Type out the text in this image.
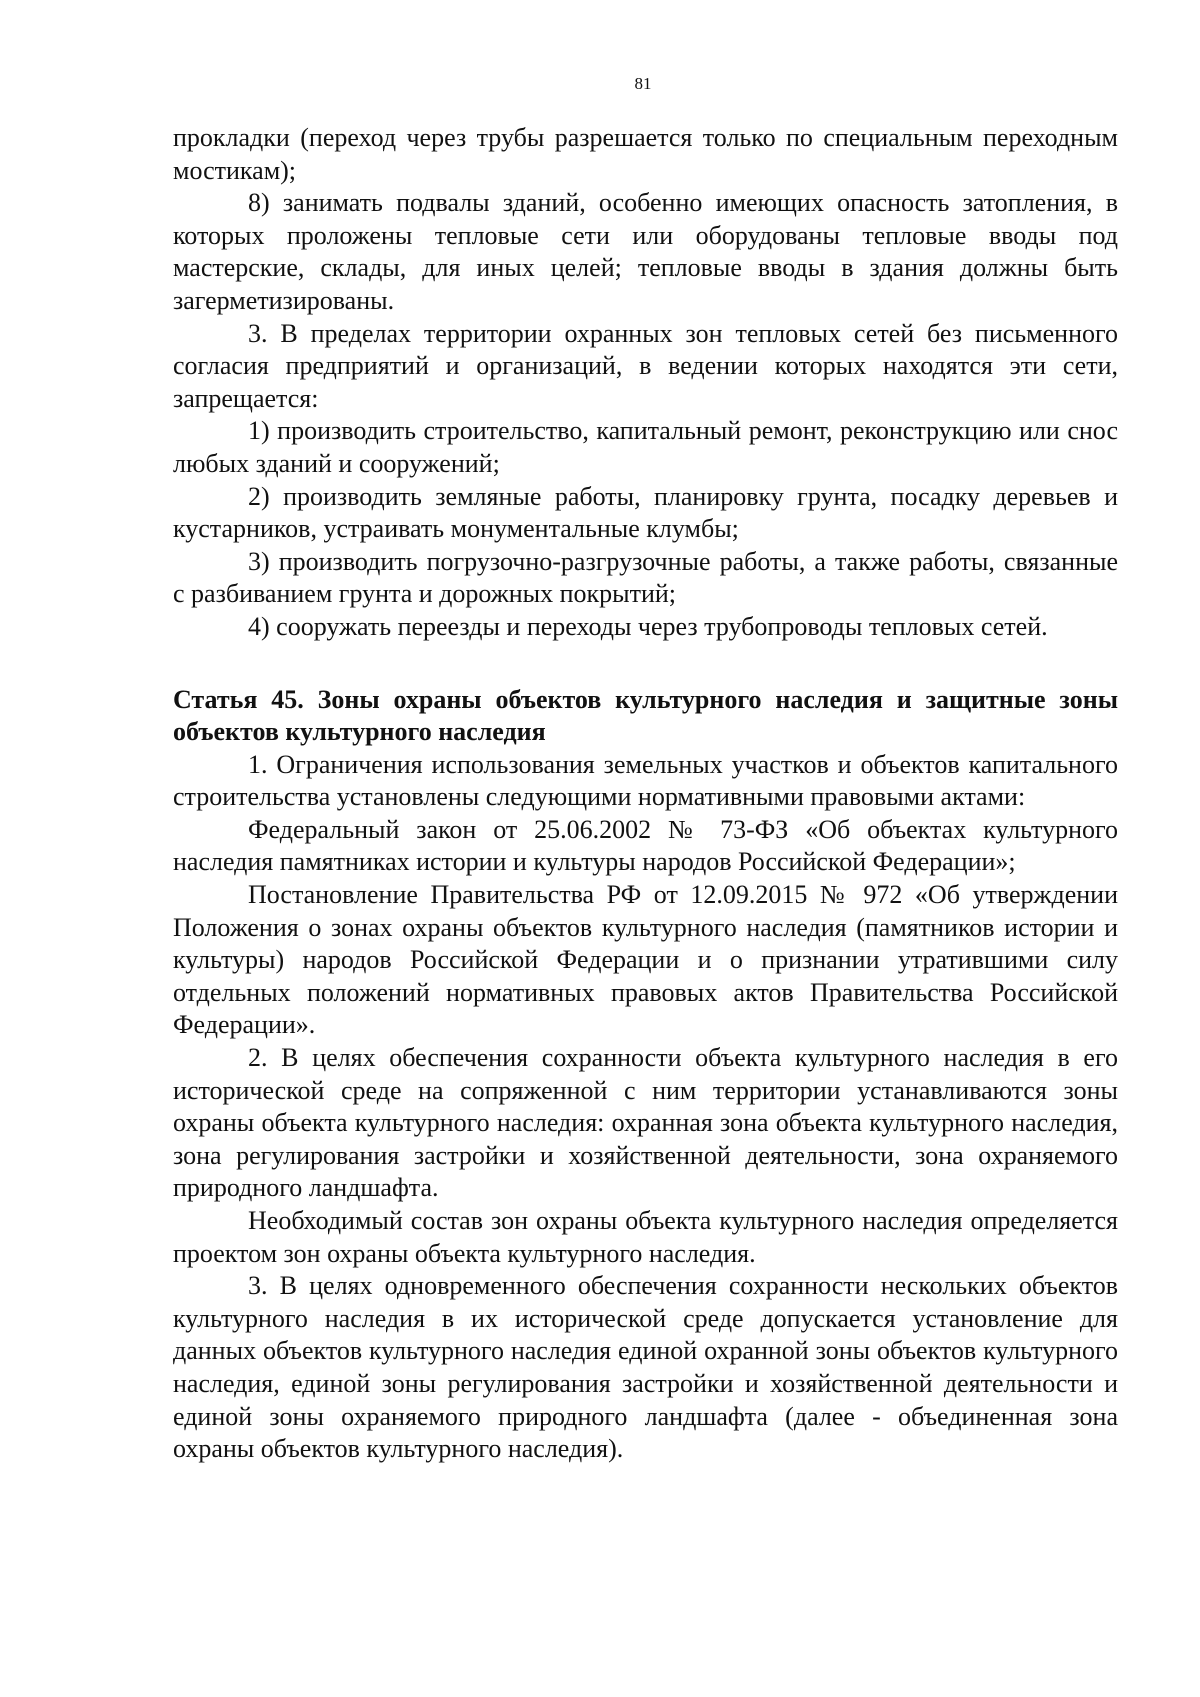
81

прокладки (переход через трубы разрешается только по специальным переходным мостикам);

8) занимать подвалы зданий, особенно имеющих опасность затопления, в которых проложены тепловые сети или оборудованы тепловые вводы под мастерские, склады, для иных целей; тепловые вводы в здания должны быть загерметизированы.

3. В пределах территории охранных зон тепловых сетей без письменного согласия предприятий и организаций, в ведении которых находятся эти сети, запрещается:

1) производить строительство, капитальный ремонт, реконструкцию или снос любых зданий и сооружений;

2) производить земляные работы, планировку грунта, посадку деревьев и кустарников, устраивать монументальные клумбы;

3) производить погрузочно-разгрузочные работы, а также работы, связанные с разбиванием грунта и дорожных покрытий;

4) сооружать переезды и переходы через трубопроводы тепловых сетей.

Статья 45. Зоны охраны объектов культурного наследия и защитные зоны объектов культурного наследия

1. Ограничения использования земельных участков и объектов капитального строительства установлены следующими нормативными правовыми актами:

Федеральный закон от 25.06.2002 № 73-ФЗ «Об объектах культурного наследия памятниках истории и культуры народов Российской Федерации»;

Постановление Правительства РФ от 12.09.2015 № 972 «Об утверждении Положения о зонах охраны объектов культурного наследия (памятников истории и культуры) народов Российской Федерации и о признании утратившими силу отдельных положений нормативных правовых актов Правительства Российской Федерации».

2. В целях обеспечения сохранности объекта культурного наследия в его исторической среде на сопряженной с ним территории устанавливаются зоны охраны объекта культурного наследия: охранная зона объекта культурного наследия, зона регулирования застройки и хозяйственной деятельности, зона охраняемого природного ландшафта.

Необходимый состав зон охраны объекта культурного наследия определяется проектом зон охраны объекта культурного наследия.

3. В целях одновременного обеспечения сохранности нескольких объектов культурного наследия в их исторической среде допускается установление для данных объектов культурного наследия единой охранной зоны объектов культурного наследия, единой зоны регулирования застройки и хозяйственной деятельности и единой зоны охраняемого природного ландшафта (далее - объединенная зона охраны объектов культурного наследия).
